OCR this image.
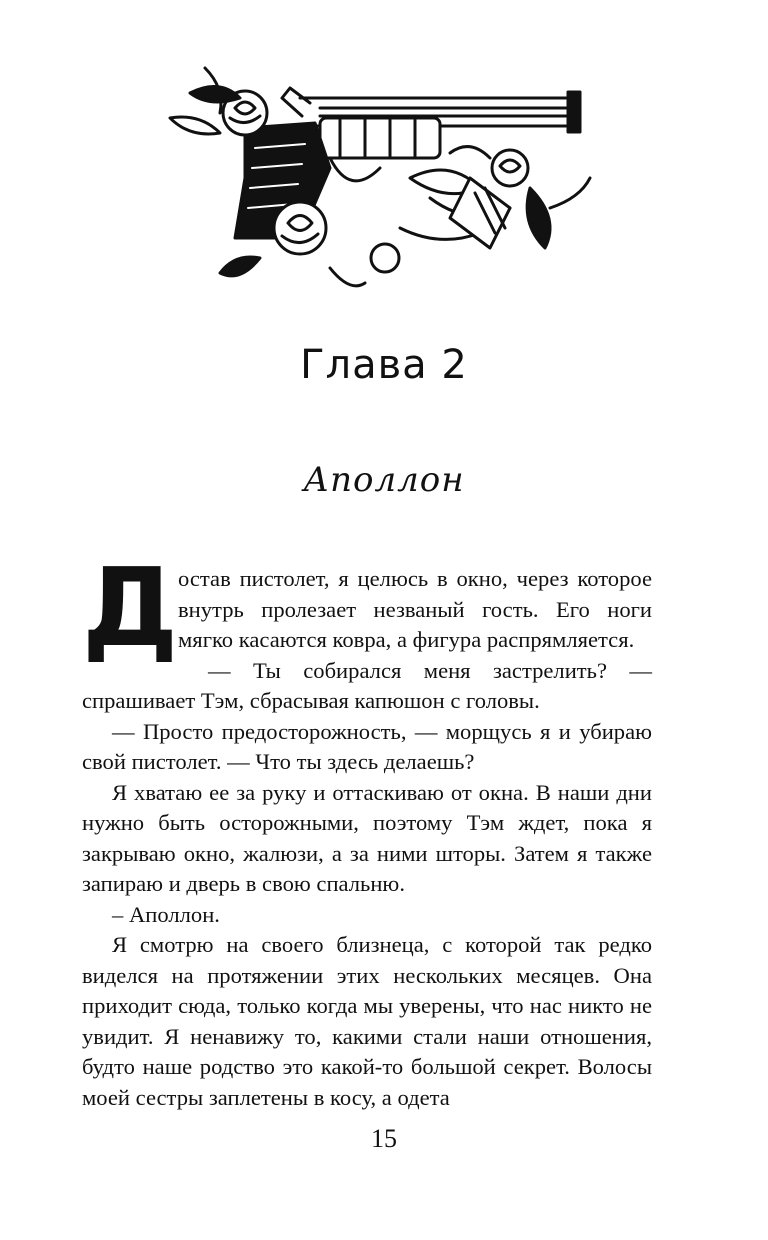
Глава 2
Аполлон
Д остав пистолет, я целюсь в окно, через которое внутрь пролезает незваный гость. Его ноги мягко касаются ковра, а фигура распрямляется.

— Ты собирался меня застрелить? — спрашивает Тэм, сбрасывая капюшон с головы.

— Просто предосторожность, — морщусь я и убираю свой пистолет. — Что ты здесь делаешь?

Я хватаю ее за руку и оттаскиваю от окна. В наши дни нужно быть осторожными, поэтому Тэм ждет, пока я закрываю окно, жалюзи, а за ними шторы. Затем я также запираю и дверь в свою спальню.

– Аполлон.

Я смотрю на своего близнеца, с которой так редко виделся на протяжении этих нескольких месяцев. Она приходит сюда, только когда мы уверены, что нас никто не увидит. Я ненавижу то, какими стали наши отношения, будто наше родство это какой-то большой секрет. Волосы моей сестры заплетены в косу, а одета

15
